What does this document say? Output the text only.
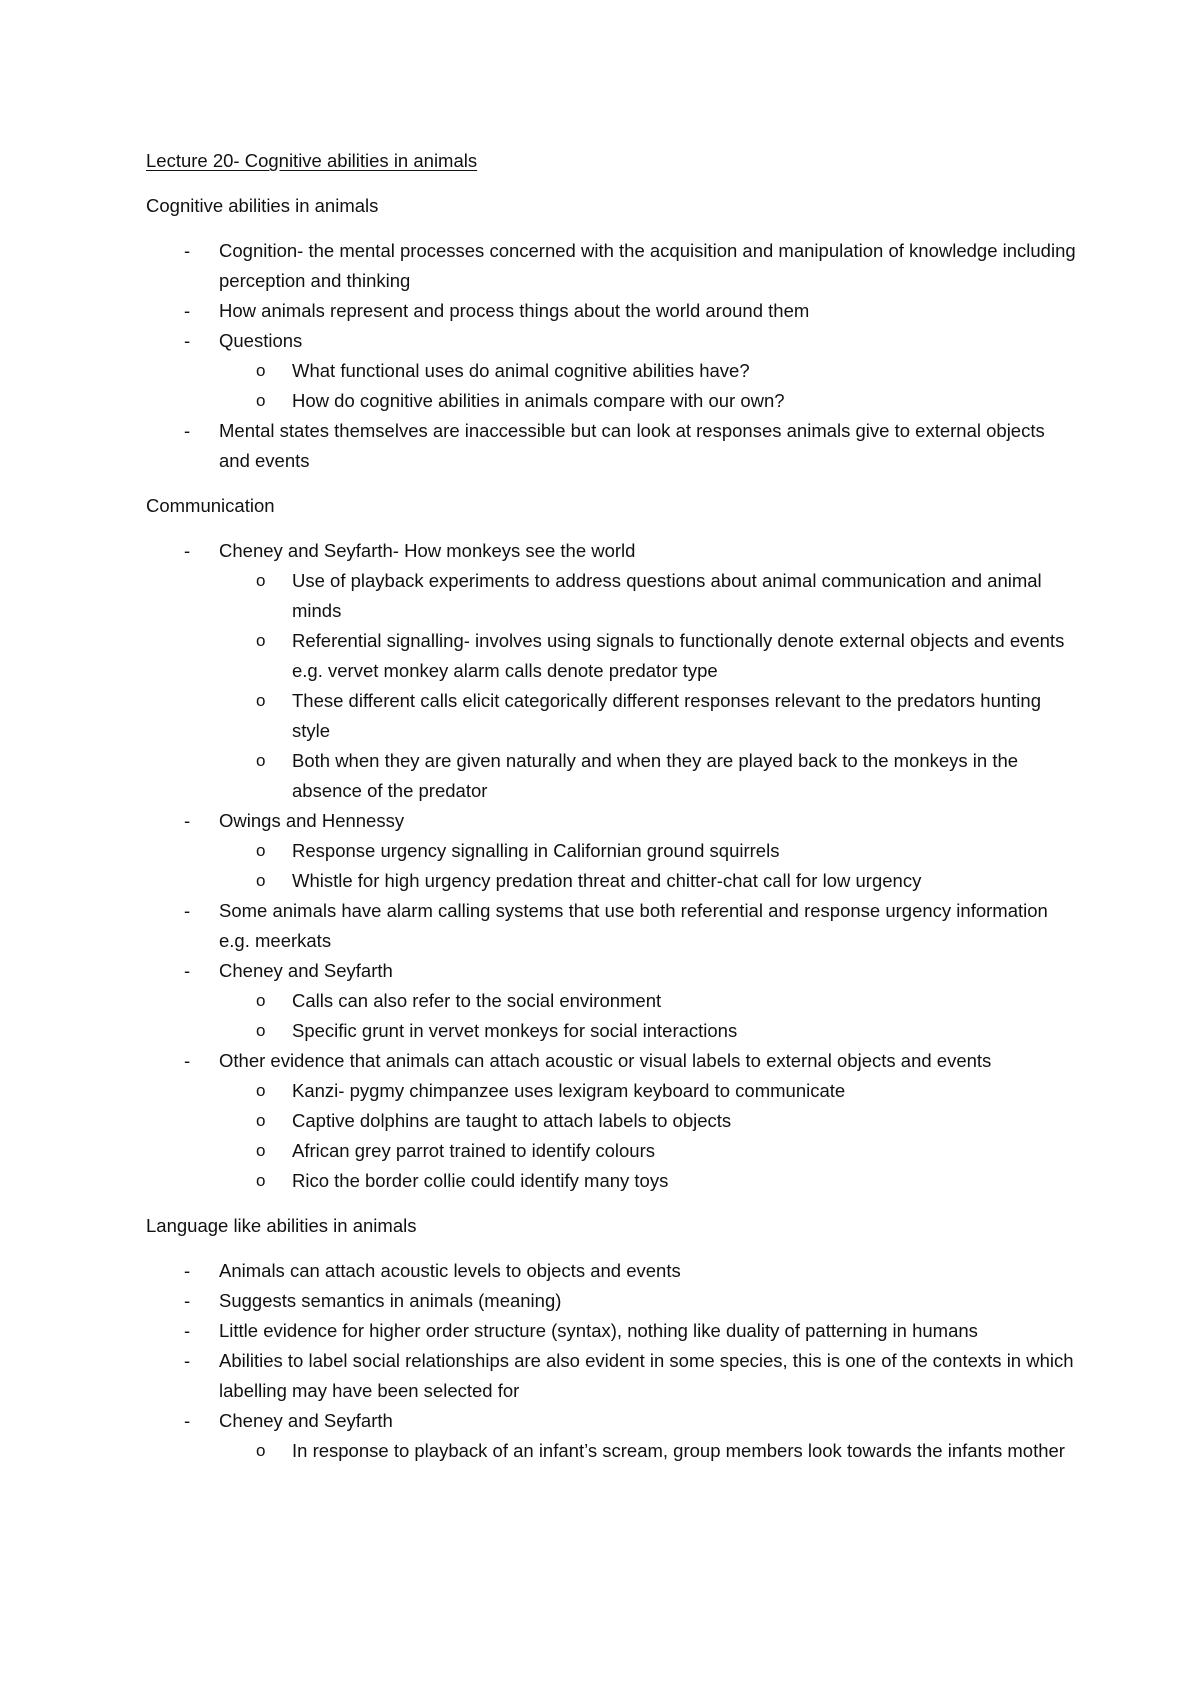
Lecture 20- Cognitive abilities in animals
Cognitive abilities in animals
- Cognition- the mental processes concerned with the acquisition and manipulation of knowledge including perception and thinking
- How animals represent and process things about the world around them
- Questions
o What functional uses do animal cognitive abilities have?
o How do cognitive abilities in animals compare with our own?
- Mental states themselves are inaccessible but can look at responses animals give to external objects and events
Communication
- Cheney and Seyfarth- How monkeys see the world
o Use of playback experiments to address questions about animal communication and animal minds
o Referential signalling- involves using signals to functionally denote external objects and events e.g. vervet monkey alarm calls denote predator type
o These different calls elicit categorically different responses relevant to the predators hunting style
o Both when they are given naturally and when they are played back to the monkeys in the absence of the predator
- Owings and Hennessy
o Response urgency signalling in Californian ground squirrels
o Whistle for high urgency predation threat and chitter-chat call for low urgency
- Some animals have alarm calling systems that use both referential and response urgency information e.g. meerkats
- Cheney and Seyfarth
o Calls can also refer to the social environment
o Specific grunt in vervet monkeys for social interactions
- Other evidence that animals can attach acoustic or visual labels to external objects and events
o Kanzi- pygmy chimpanzee uses lexigram keyboard to communicate
o Captive dolphins are taught to attach labels to objects
o African grey parrot trained to identify colours
o Rico the border collie could identify many toys
Language like abilities in animals
- Animals can attach acoustic levels to objects and events
- Suggests semantics in animals (meaning)
- Little evidence for higher order structure (syntax), nothing like duality of patterning in humans
- Abilities to label social relationships are also evident in some species, this is one of the contexts in which labelling may have been selected for
- Cheney and Seyfarth
o In response to playback of an infant’s scream, group members look towards the infants mother
